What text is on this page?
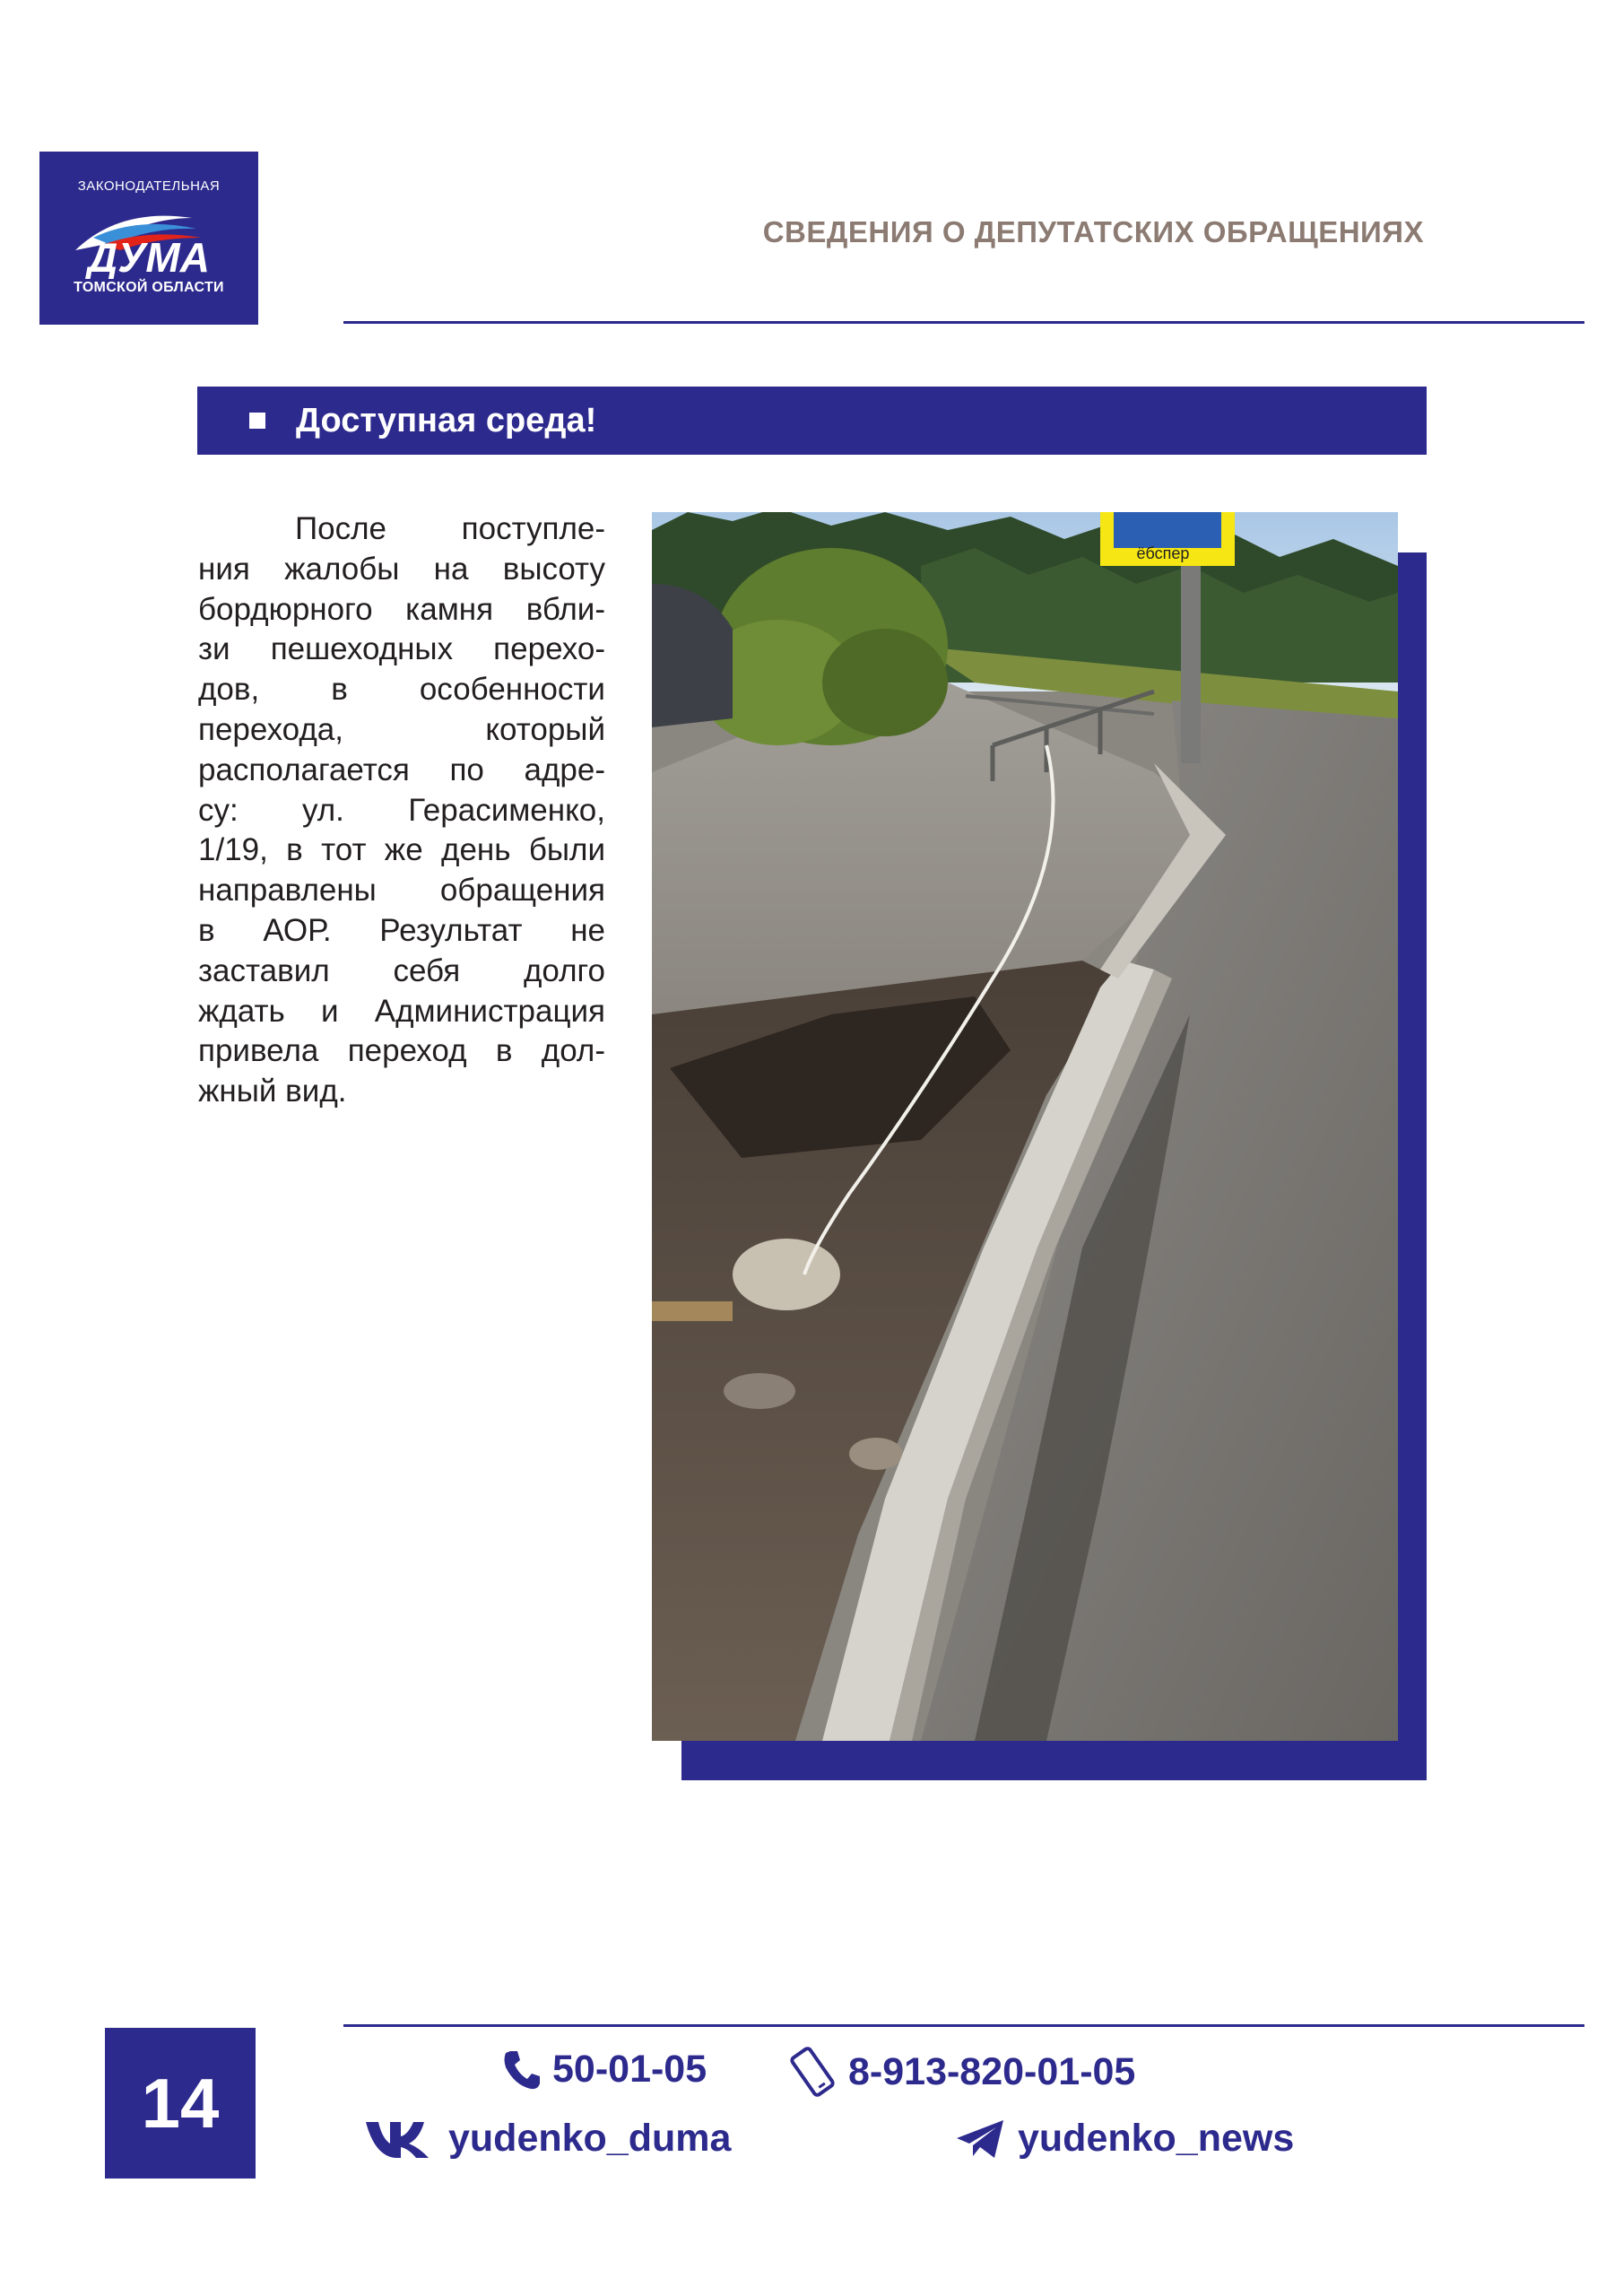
ЗАКОНОДАТЕЛЬНАЯ
ДУМА
ТОМСКОЙ ОБЛАСТИ
СВЕДЕНИЯ О ДЕПУТАТСКИХ ОБРАЩЕНИЯХ
Доступная среда!
После поступле-
ния жалобы на высоту
бордюрного камня вбли-
зи пешеходных перехо-
дов, в особенности
перехода, который
располагается по адре-
су: ул. Герасименко,
1/19, в тот же день были
направлены обращения
в АОР. Результат не
заставил себя долго
ждать и Администрация
привела переход в дол-
жный вид.
ёбспер
14	50-01-05	8-913-820-01-05
yudenko_duma	yudenko_news
